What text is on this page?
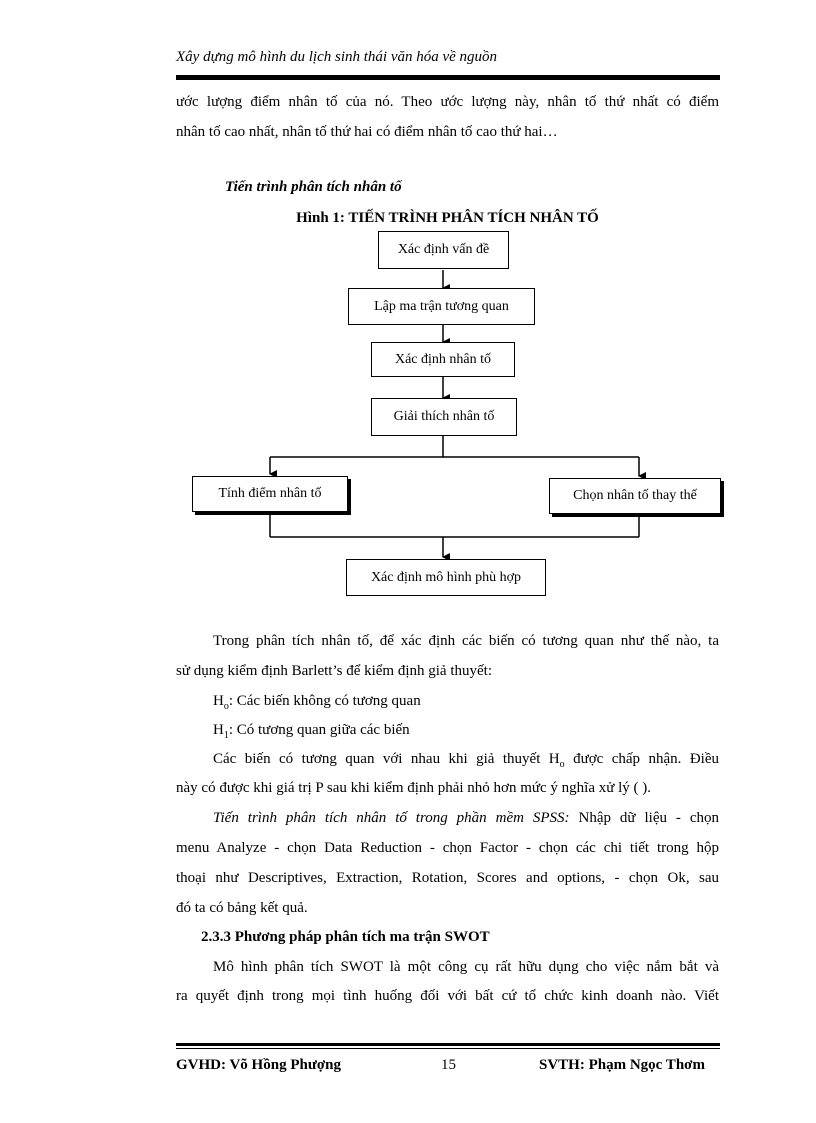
Xây dựng mô hình du lịch sinh thái văn hóa về nguồn
ước lượng điểm nhân tố của nó. Theo ước lượng này, nhân tố thứ nhất có điểm
nhân tố cao nhất, nhân tố thứ hai có điểm nhân tố cao thứ hai…
Tiến trình phân tích nhân tố
Hình 1: TIẾN TRÌNH PHÂN TÍCH NHÂN TỐ
Xác định vấn đề
Lập ma trận tương quan
Xác định nhân tố
Giải thích nhân tố
Tính điểm nhân tố	Chọn nhân tố thay thế
Xác định mô hình phù hợp
Trong phân tích nhân tố, để xác định các biến có tương quan như thế nào, ta
sử dụng kiểm định Barlett’s để kiểm định giả thuyết:
$H_o$: Các biến không có tương quan
$H_1$: Có tương quan giữa các biến
Các biến có tương quan với nhau khi giả thuyết $H_o$ được chấp nhận. Điều
này có được khi giá trị P sau khi kiểm định phải nhỏ hơn mức ý nghĩa xử lý ( ).
Tiến trình phân tích nhân tố trong phần mềm SPSS: Nhập dữ liệu - chọn
menu Analyze - chọn Data Reduction - chọn Factor - chọn các chi tiết trong hộp
thoại như Descriptives, Extraction, Rotation, Scores and options, - chọn Ok, sau
đó ta có bảng kết quả.
2.3.3 Phương pháp phân tích ma trận SWOT
Mô hình phân tích SWOT là một công cụ rất hữu dụng cho việc nắm bắt và
ra quyết định trong mọi tình huống đối với bất cứ tổ chức kinh doanh nào. Viết
GVHD: Võ Hồng Phượng	15	SVTH: Phạm Ngọc Thơm
